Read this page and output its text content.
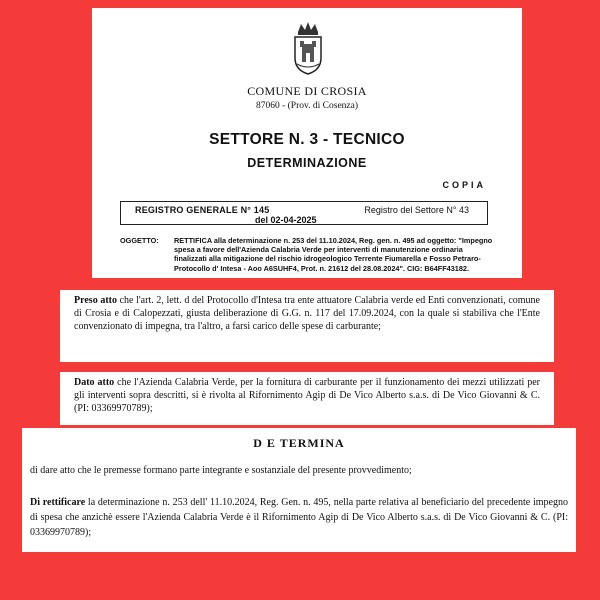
COMUNE DI CROSIA
87060 - (Prov. di Cosenza)
SETTORE N. 3 - TECNICO
DETERMINAZIONE
COPIA
REGISTRO GENERALE N° 145
del 02-04-2025
Registro del Settore N° 43
OGGETTO: RETTIFICA alla determinazione n. 253 del 11.10.2024, Reg. gen. n. 495 ad oggetto: "Impegno spesa a favore dell'Azienda Calabria Verde per interventi di manutenzione ordinaria finalizzati alla mitigazione del rischio idrogeologico Terrente Fiumarella e Fosso Petraro- Protocollo d' Intesa - Aoo A6SUHF4, Prot. n. 21612 del 28.08.2024". CIG: B64FF43182.
Preso atto che l'art. 2, lett. d del Protocollo d'Intesa tra ente attuatore Calabria verde ed Enti convenzionati, comune di Crosia e di Calopezzati, giusta deliberazione di G.G. n. 117 del 17.09.2024, con la quale si stabiliva che l'Ente convenzionato di impegna, tra l'altro, a farsi carico delle spese di carburante;
Dato atto che l'Azienda Calabria Verde, per la fornitura di carburante per il funzionamento dei mezzi utilizzati per gli interventi sopra descritti, si è rivolta al Rifornimento Agip di De Vico Alberto s.a.s. di De Vico Giovanni & C. (PI: 03369970789);
D E TERMINA
di dare atto che le premesse formano parte integrante e sostanziale del presente provvedimento;
Di rettificare la determinazione n. 253 dell' 11.10.2024, Reg. Gen. n. 495, nella parte relativa al beneficiario del precedente impegno di spesa che anzichè essere l'Azienda Calabria Verde è il Rifornimento Agip di De Vico Alberto s.a.s. di De Vico Giovanni & C. (PI: 03369970789);
